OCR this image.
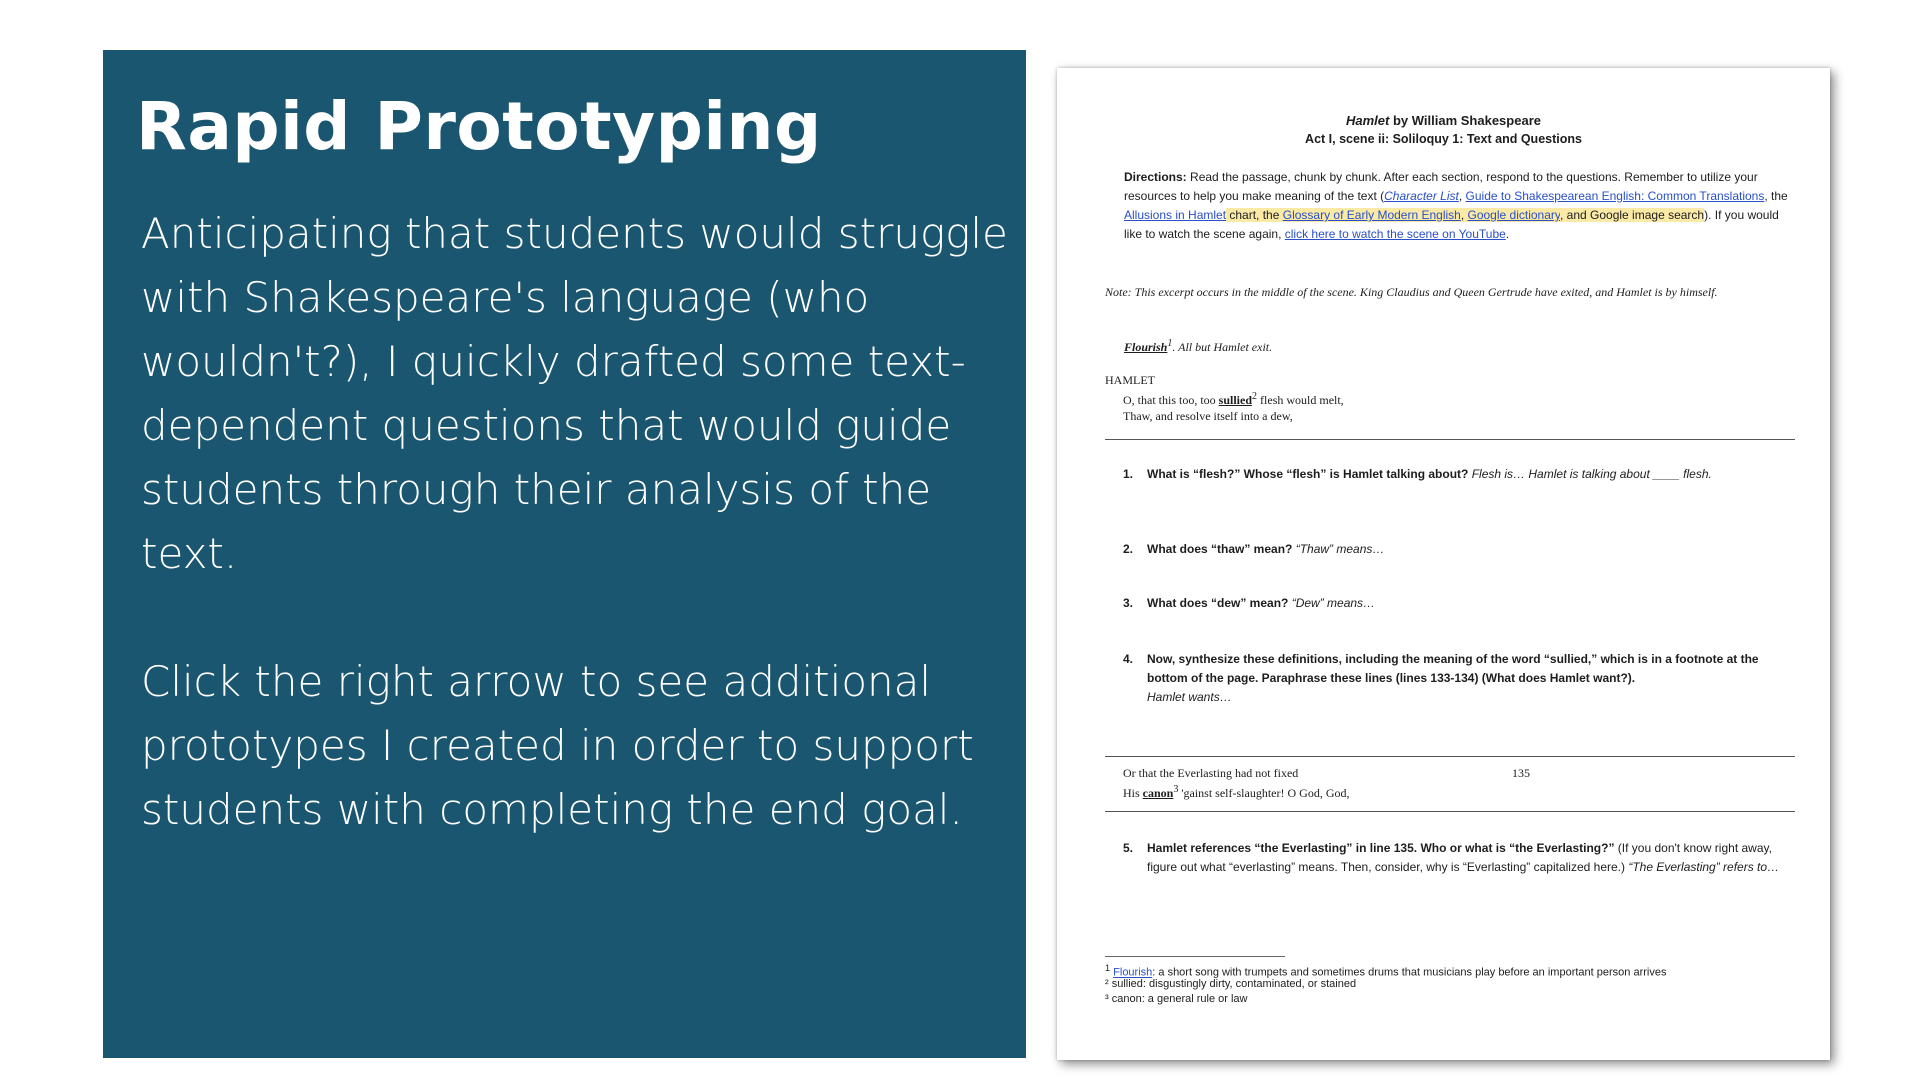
Rapid Prototyping

Anticipating that students would struggle with Shakespeare's language (who wouldn't?), I quickly drafted some text-dependent questions that would guide students through their analysis of the text.

Click the right arrow to see additional prototypes I created in order to support students with completing the end goal.

Hamlet by William Shakespeare
Act I, scene ii: Soliloquy 1: Text and Questions
Directions: Read the passage, chunk by chunk. After each section, respond to the questions. Remember to utilize your resources to help you make meaning of the text (Character List, Guide to Shakespearean English: Common Translations, the Allusions in Hamlet chart, the Glossary of Early Modern English, Google dictionary, and Google image search). If you would like to watch the scene again, click here to watch the scene on YouTube.
Note: This excerpt occurs in the middle of the scene. King Claudius and Queen Gertrude have exited, and Hamlet is by himself.
Flourish$^1$. All but Hamlet exit.
HAMLET
O, that this too, too sullied$^2$ flesh would melt,
Thaw, and resolve itself into a dew,
1. What is “flesh?” Whose “flesh” is Hamlet talking about? Flesh is… Hamlet is talking about ____ flesh.
2. What does “thaw” mean? “Thaw” means…
3. What does “dew” mean? “Dew” means…
4. Now, synthesize these definitions, including the meaning of the word “sullied,” which is in a footnote at the bottom of the page. Paraphrase these lines (lines 133-134) (What does Hamlet want?).
Hamlet wants…
Or that the Everlasting had not fixed	135
His canon$^3$ 'gainst self-slaughter! O God, God,
5. Hamlet references “the Everlasting” in line 135. Who or what is “the Everlasting?” (If you don't know right away, figure out what “everlasting” means. Then, consider, why is “Everlasting” capitalized here.) “The Everlasting” refers to…
$^1$ Flourish: a short song with trumpets and sometimes drums that musicians play before an important person arrives
² sullied: disgustingly dirty, contaminated, or stained
³ canon: a general rule or law
